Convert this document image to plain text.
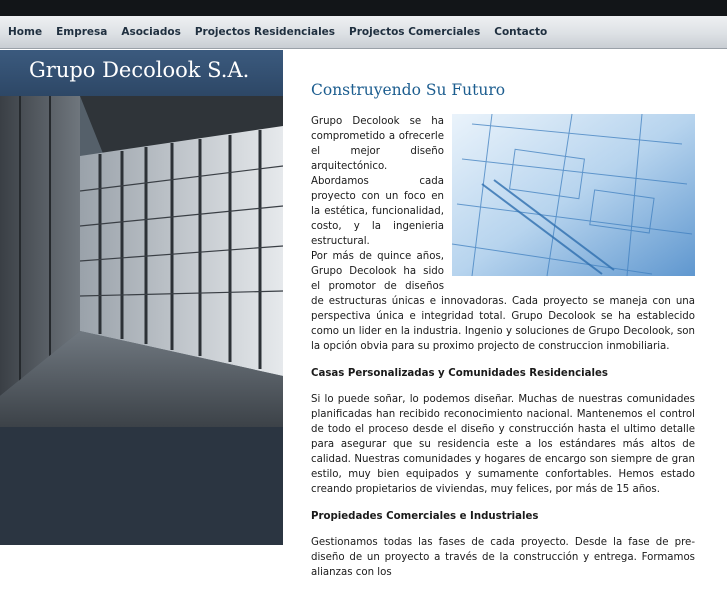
Home Empresa Asociados Projectos Residenciales Projectos Comerciales Contacto
Grupo Decolook S.A.
Construyendo Su Futuro

Grupo Decolook se ha comprometido a ofrecerle el mejor diseño arquitectónico. Abordamos cada proyecto con un foco en la estética, funcionalidad, costo, y la ingenieria estructural.

Por más de quince años, Grupo Decolook ha sido el promotor de diseños de estructuras únicas e innovadoras. Cada proyecto se maneja con una perspectiva única e integridad total. Grupo Decolook se ha establecido como un lider en la industria. Ingenio y soluciones de Grupo Decolook, son la opción obvia para su proximo projecto de construccion inmobiliaria.

Casas Personalizadas y Comunidades Residenciales

Si lo puede soñar, lo podemos diseñar. Muchas de nuestras comunidades planificadas han recibido reconocimiento nacional. Mantenemos el control de todo el proceso desde el diseño y construcción hasta el ultimo detalle para asegurar que su residencia este a los estándares más altos de calidad. Nuestras comunidades y hogares de encargo son siempre de gran estilo, muy bien equipados y sumamente confortables. Hemos estado creando propietarios de viviendas, muy felices, por más de 15 años.

Propiedades Comerciales e Industriales

Gestionamos todas las fases de cada proyecto. Desde la fase de pre-diseño de un proyecto a través de la construcción y entrega. Formamos alianzas con los
